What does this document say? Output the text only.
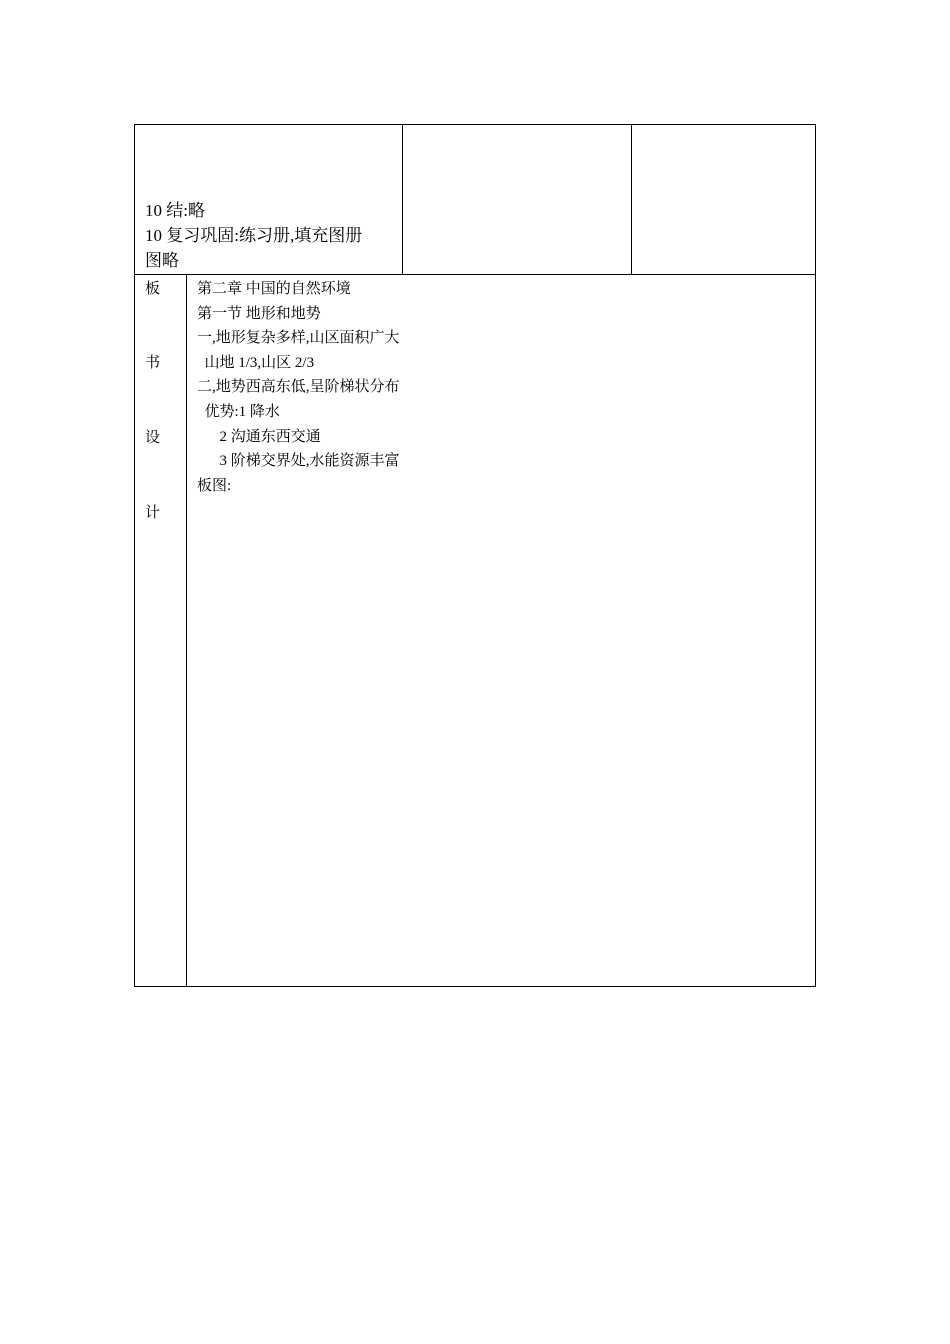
10 结:略
10 复习巩固:练习册,填充图册
图略
板
书
设
计
第二章 中国的自然环境
第一节 地形和地势
一,地形复杂多样,山区面积广大
山地 1/3,山区 2/3
二,地势西高东低,呈阶梯状分布
优势:1 降水
2 沟通东西交通
3 阶梯交界处,水能资源丰富
板图:
